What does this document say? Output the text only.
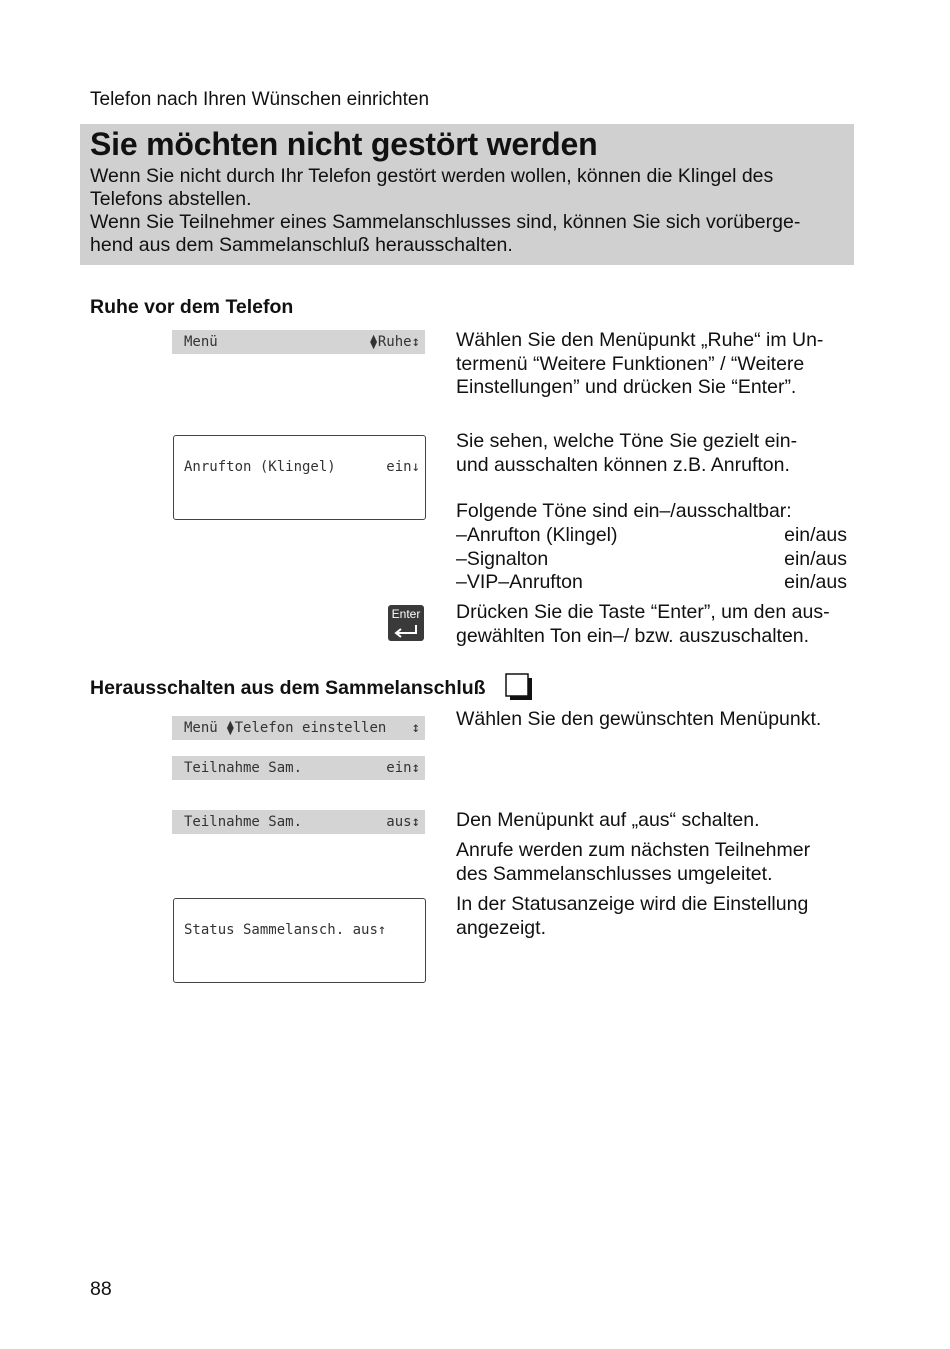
Telefon nach Ihren Wünschen einrichten
Sie möchten nicht gestört werden
Wenn Sie nicht durch Ihr Telefon gestört werden wollen, können die Klingel des
Telefons abstellen.
Wenn Sie Teilnehmer eines Sammelanschlusses sind, können Sie sich vorüberge-
hend aus dem Sammelanschluß herausschalten.
Ruhe vor dem Telefon
Menü	⧫Ruhe↕ Wählen Sie den Menüpunkt „Ruhe“ im Un-
termenü “Weitere Funktionen” / “Weitere
Einstellungen” und drücken Sie “Enter”.
Anrufton (Klingel)	ein↓
Sie sehen, welche Töne Sie gezielt ein-
und ausschalten können z.B. Anrufton.
Folgende Töne sind ein–/ausschaltbar:
–Anrufton (Klingel)	ein/aus
–Signalton	ein/aus
–VIP–Anrufton	ein/aus
Enter Drücken Sie die Taste “Enter”, um den aus-
gewählten Ton ein–/ bzw. auszuschalten.
Herausschalten aus dem Sammelanschluß
Menü ⧫Telefon einstellen ↕ Wählen Sie den gewünschten Menüpunkt.
Teilnahme Sam.	ein↕
Teilnahme Sam.	aus↕ Den Menüpunkt auf „aus“ schalten.
Anrufe werden zum nächsten Teilnehmer
des Sammelanschlusses umgeleitet.
Status Sammelansch. aus↑
In der Statusanzeige wird die Einstellung
angezeigt.
88
